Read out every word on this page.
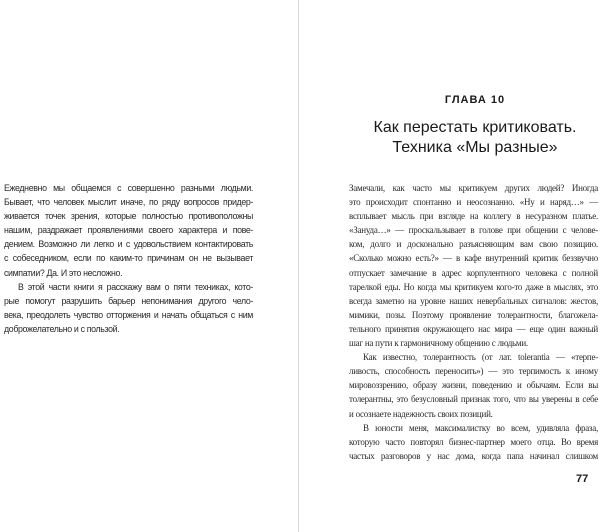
Ежедневно мы общаемся с совершенно разными людьми.
Бывает, что человек мыслит иначе, по ряду вопросов придер-
живается точек зрения, которые полностью противоположны
нашим, раздражает проявлениями своего характера и пове-
дением. Возможно ли легко и с удовольствием контактировать
с собеседником, если по каким-то причинам он не вызывает
симпатии? Да. И это несложно.
В этой части книги я расскажу вам о пяти техниках, кото-
рые помогут разрушить барьер непонимания другого чело-
века, преодолеть чувство отторжения и начать общаться с ним
доброжелательно и с пользой.
ГЛАВА 10
Как перестать критиковать.
Техника «Мы разные»
Замечали, как часто мы критикуем других людей? Иногда
это происходит спонтанно и неосознанно. «Ну и наряд…» —
всплывает мысль при взгляде на коллегу в несуразном платье.
«Зануда…» — проскальзывает в голове при общении с челове-
ком, долго и досконально разъясняющим вам свою позицию.
«Сколько можно есть?» — в кафе внутренний критик беззвучно
отпускает замечание в адрес корпулентного человека с полной
тарелкой еды. Но когда мы критикуем кого-то даже в мыслях, это
всегда заметно на уровне наших невербальных сигналов: жестов,
мимики, позы. Поэтому проявление толерантности, благожела-
тельного принятия окружающего нас мира — еще один важный
шаг на пути к гармоничному общению с людьми.
Как известно, толерантность (от лат. tolerantia — «терпе-
ливость, способность переносить») — это терпимость к иному
мировоззрению, образу жизни, поведению и обычаям. Если вы
толерантны, это безусловный признак того, что вы уверены в себе
и осознаете надежность своих позиций.
В юности меня, максималистку во всем, удивляла фраза,
которую часто повторял бизнес-партнер моего отца. Во время
частых разговоров у нас дома, когда папа начинал слишком
77
